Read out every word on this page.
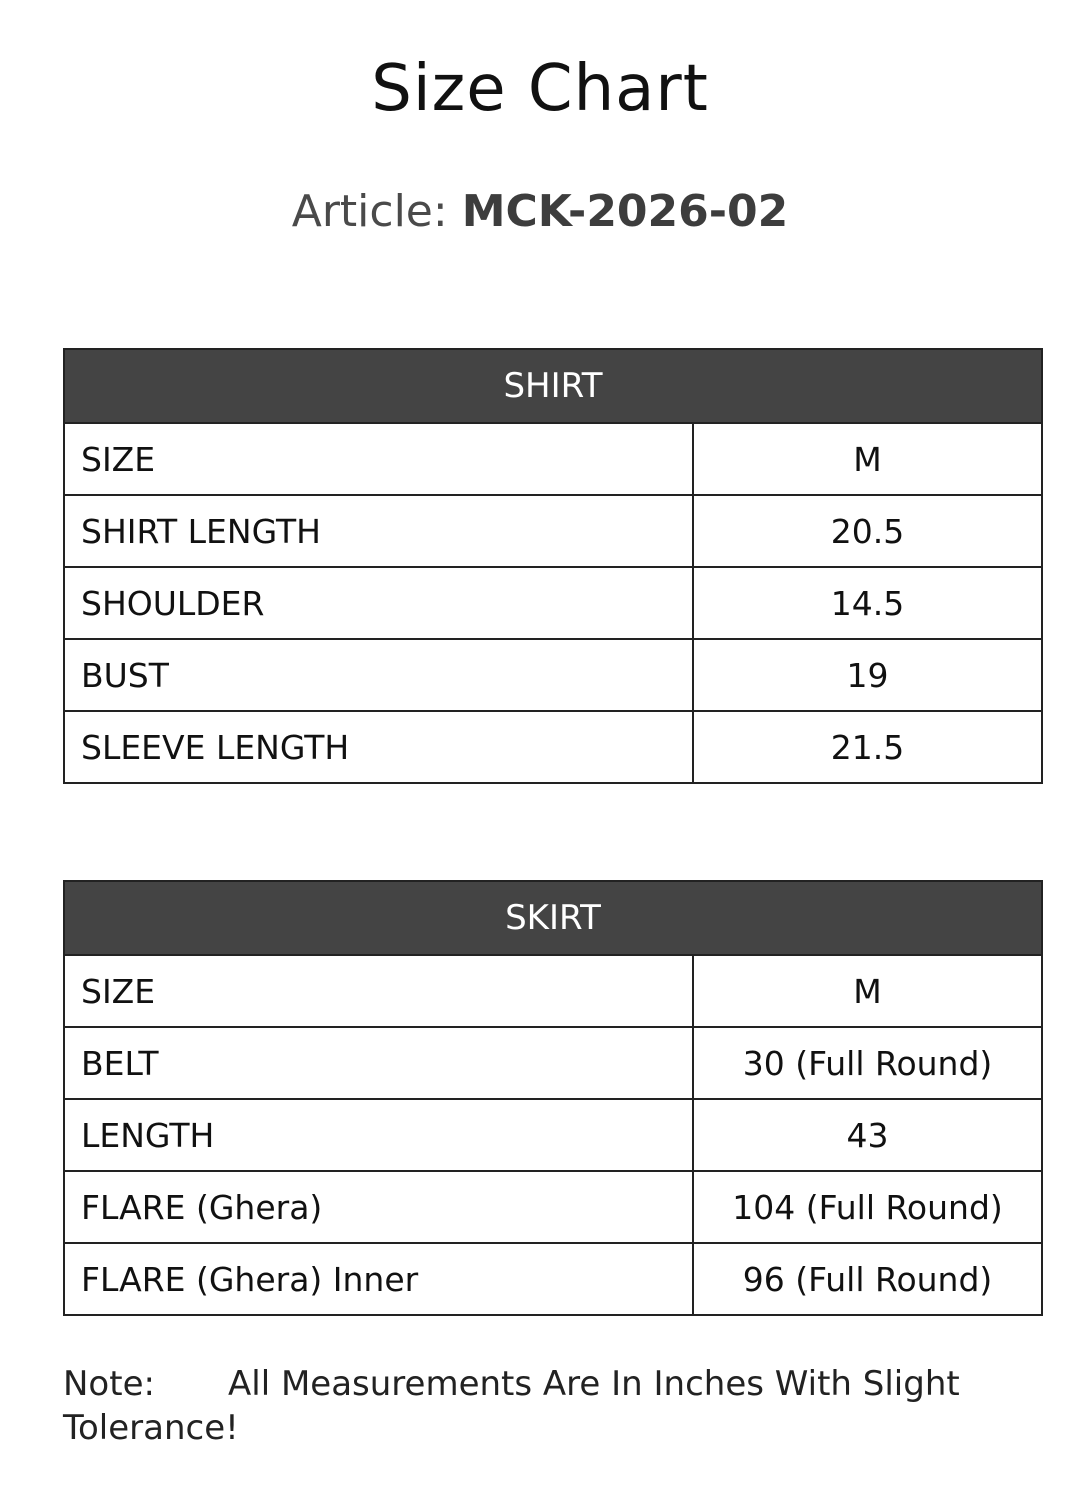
Size Chart
Article: MCK-2026-02
SHIRT	
SIZE	M
SHIRT LENGTH	20.5
SHOULDER	14.5
BUST	19
SLEEVE LENGTH	21.5
SKIRT	
SIZE	M
BELT	30 (Full Round)
LENGTH	43
FLARE (Ghera)	104 (Full Round)
FLARE (Ghera) Inner	96 (Full Round)
Note: All Measurements Are In Inches With Slight Tolerance!
